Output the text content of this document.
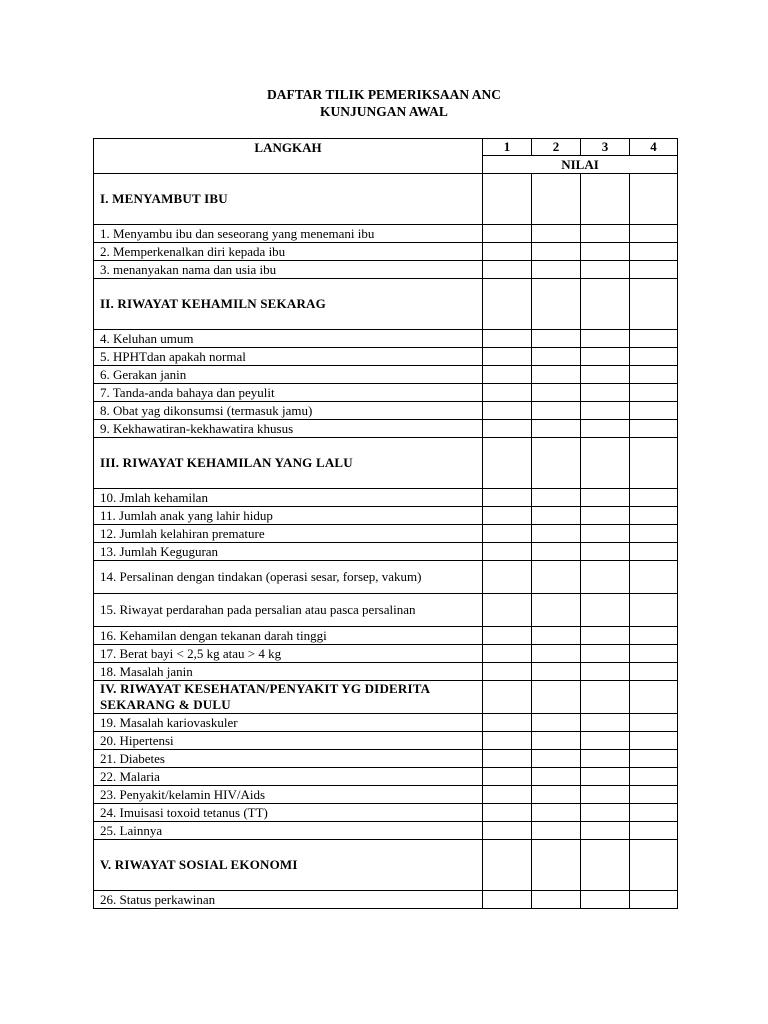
DAFTAR TILIK PEMERIKSAAN ANC
KUNJUNGAN AWAL
LANGKAH	1	2	3	4
	NILAI			
I. MENYAMBUT IBU				
1. Menyambu ibu dan seseorang yang menemani ibu				
2. Memperkenalkan diri kepada ibu				
3. menanyakan nama dan usia ibu				
II. RIWAYAT KEHAMILN SEKARAG				
4. Keluhan umum				
5. HPHTdan apakah normal				
6. Gerakan janin				
7. Tanda-anda bahaya dan peyulit				
8. Obat yag dikonsumsi (termasuk jamu)				
9. Kekhawatiran-kekhawatira khusus				
III. RIWAYAT KEHAMILAN YANG LALU				
10. Jmlah kehamilan				
11. Jumlah anak yang lahir hidup				
12. Jumlah kelahiran premature				
13. Jumlah Keguguran				
14. Persalinan dengan tindakan (operasi sesar, forsep, vakum)				
15. Riwayat perdarahan pada persalian atau pasca persalinan				
16. Kehamilan dengan tekanan darah tinggi				
17. Berat bayi < 2,5 kg atau > 4 kg				
18. Masalah janin				
IV. RIWAYAT KESEHATAN/PENYAKIT YG DIDERITA SEKARANG & DULU				
19. Masalah kariovaskuler				
20. Hipertensi				
21. Diabetes				
22. Malaria				
23. Penyakit/kelamin HIV/Aids				
24. Imuisasi toxoid tetanus (TT)				
25. Lainnya				
V. RIWAYAT SOSIAL EKONOMI				
26. Status perkawinan				
